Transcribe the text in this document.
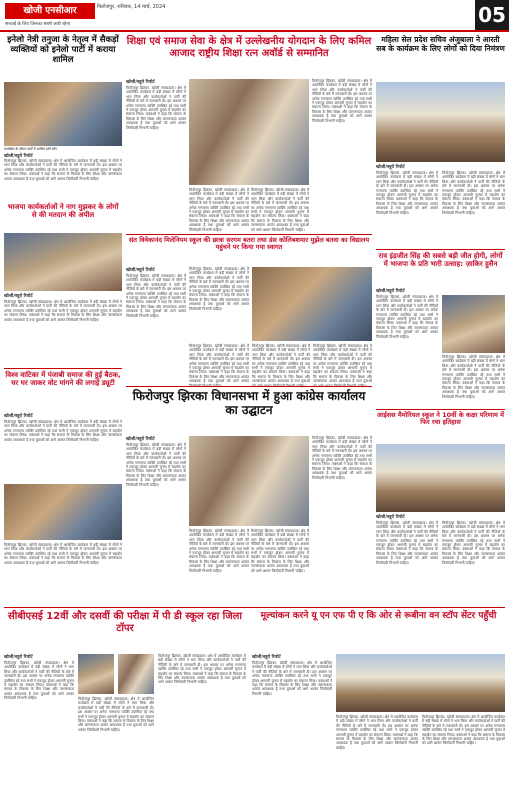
खोजी एनसीआर	फिरोजपुर, शनिवार, 14 मार्च, 2024
सच्चाई के लिए जिनका संघर्ष जारी रहेगा	05
इनेलो नेत्री तनुजा के नेतृत्व में सैकड़ों व्यक्तियों को इनेलो पार्टी में कराया शामिल
कार्यक्रम के दौरान पार्टी में शामिल होते लोग
खोजी/ब्यूरो रिपोर्ट
फिरोजपुर झिरका, खोजी संवाददाता। क्षेत्र में आयोजित कार्यक्रम में बड़ी संख्या में लोगों ने भाग लिया और कार्यकर्ताओं ने पार्टी की नीतियों के बारे में जानकारी दी। इस अवसर पर अनेक गणमान्य व्यक्ति उपस्थित रहे तथा सभी ने एकजुट होकर आगामी चुनाव में सहयोग का संकल्प लिया। वक्ताओं ने कहा कि समाज के विकास के लिए शिक्षा और जागरूकता अत्यंत आवश्यक है तथा युवाओं को आगे आकर जिम्मेदारी निभानी चाहिए।
भाजपा कार्यकर्ताओं ने नाग मुझकर के लोगों से की मतदान की अपील
खोजी/ब्यूरो रिपोर्ट
फिरोजपुर झिरका, खोजी संवाददाता। क्षेत्र में आयोजित कार्यक्रम में बड़ी संख्या में लोगों ने भाग लिया और कार्यकर्ताओं ने पार्टी की नीतियों के बारे में जानकारी दी। इस अवसर पर अनेक गणमान्य व्यक्ति उपस्थित रहे तथा सभी ने एकजुट होकर आगामी चुनाव में सहयोग का संकल्प लिया। वक्ताओं ने कहा कि समाज के विकास के लिए शिक्षा और जागरूकता अत्यंत आवश्यक है तथा युवाओं को आगे आकर जिम्मेदारी निभानी चाहिए।
शिक्षा एवं समाज सेवा के क्षेत्र में उल्लेखनीय योगदान के लिए कमिल आजाद राष्ट्रीय शिक्षा रत्न अवॉर्ड से सम्मानित
खोजी/ब्यूरो रिपोर्ट
फिरोजपुर झिरका, खोजी संवाददाता। क्षेत्र में आयोजित कार्यक्रम में बड़ी संख्या में लोगों ने भाग लिया और कार्यकर्ताओं ने पार्टी की नीतियों के बारे में जानकारी दी। इस अवसर पर अनेक गणमान्य व्यक्ति उपस्थित रहे तथा सभी ने एकजुट होकर आगामी चुनाव में सहयोग का संकल्प लिया। वक्ताओं ने कहा कि समाज के विकास के लिए शिक्षा और जागरूकता अत्यंत आवश्यक है तथा युवाओं को आगे आकर जिम्मेदारी निभानी चाहिए।
फिरोजपुर झिरका, खोजी संवाददाता। क्षेत्र में आयोजित कार्यक्रम में बड़ी संख्या में लोगों ने भाग लिया और कार्यकर्ताओं ने पार्टी की नीतियों के बारे में जानकारी दी। इस अवसर पर अनेक गणमान्य व्यक्ति उपस्थित रहे तथा सभी ने एकजुट होकर आगामी चुनाव में सहयोग का संकल्प लिया। वक्ताओं ने कहा कि समाज के विकास के लिए शिक्षा और जागरूकता अत्यंत आवश्यक है तथा युवाओं को आगे आकर जिम्मेदारी निभानी चाहिए।
फिरोजपुर झिरका, खोजी संवाददाता। क्षेत्र में आयोजित कार्यक्रम में बड़ी संख्या में लोगों ने भाग लिया और कार्यकर्ताओं ने पार्टी की नीतियों के बारे में जानकारी दी। इस अवसर पर अनेक गणमान्य व्यक्ति उपस्थित रहे तथा सभी ने एकजुट होकर आगामी चुनाव में सहयोग का संकल्प लिया। वक्ताओं ने कहा कि समाज के विकास के लिए शिक्षा और जागरूकता अत्यंत आवश्यक है तथा युवाओं को आगे आकर जिम्मेदारी निभानी चाहिए।
फिरोजपुर झिरका, खोजी संवाददाता। क्षेत्र में आयोजित कार्यक्रम में बड़ी संख्या में लोगों ने भाग लिया और कार्यकर्ताओं ने पार्टी की नीतियों के बारे में जानकारी दी। इस अवसर पर अनेक गणमान्य व्यक्ति उपस्थित रहे तथा सभी ने एकजुट होकर आगामी चुनाव में सहयोग का संकल्प लिया। वक्ताओं ने कहा कि समाज के विकास के लिए शिक्षा और जागरूकता अत्यंत आवश्यक है तथा युवाओं को आगे आकर जिम्मेदारी निभानी चाहिए।
महिला सेल प्रदेश सचिव अंजुबाला ने आरती सब के कार्यक्रम के लिए लोगों को दिया निमंत्रण
खोजी/ब्यूरो रिपोर्ट
फिरोजपुर झिरका, खोजी संवाददाता। क्षेत्र में आयोजित कार्यक्रम में बड़ी संख्या में लोगों ने भाग लिया और कार्यकर्ताओं ने पार्टी की नीतियों के बारे में जानकारी दी। इस अवसर पर अनेक गणमान्य व्यक्ति उपस्थित रहे तथा सभी ने एकजुट होकर आगामी चुनाव में सहयोग का संकल्प लिया। वक्ताओं ने कहा कि समाज के विकास के लिए शिक्षा और जागरूकता अत्यंत आवश्यक है तथा युवाओं को आगे आकर जिम्मेदारी निभानी चाहिए।
फिरोजपुर झिरका, खोजी संवाददाता। क्षेत्र में आयोजित कार्यक्रम में बड़ी संख्या में लोगों ने भाग लिया और कार्यकर्ताओं ने पार्टी की नीतियों के बारे में जानकारी दी। इस अवसर पर अनेक गणमान्य व्यक्ति उपस्थित रहे तथा सभी ने एकजुट होकर आगामी चुनाव में सहयोग का संकल्प लिया। वक्ताओं ने कहा कि समाज के विकास के लिए शिक्षा और जागरूकता अत्यंत आवश्यक है तथा युवाओं को आगे आकर जिम्मेदारी निभानी चाहिए।
संत विवेकानंद मिलेनियम स्कूल की छात्रा सरगम बतरा तथा डंस कोलिबशमार मुझेल बतवा का विद्यालय पहुंचने पर किया गया स्वागत
खोजी/ब्यूरो रिपोर्ट
फिरोजपुर झिरका, खोजी संवाददाता। क्षेत्र में आयोजित कार्यक्रम में बड़ी संख्या में लोगों ने भाग लिया और कार्यकर्ताओं ने पार्टी की नीतियों के बारे में जानकारी दी। इस अवसर पर अनेक गणमान्य व्यक्ति उपस्थित रहे तथा सभी ने एकजुट होकर आगामी चुनाव में सहयोग का संकल्प लिया। वक्ताओं ने कहा कि समाज के विकास के लिए शिक्षा और जागरूकता अत्यंत आवश्यक है तथा युवाओं को आगे आकर जिम्मेदारी निभानी चाहिए।
फिरोजपुर झिरका, खोजी संवाददाता। क्षेत्र में आयोजित कार्यक्रम में बड़ी संख्या में लोगों ने भाग लिया और कार्यकर्ताओं ने पार्टी की नीतियों के बारे में जानकारी दी। इस अवसर पर अनेक गणमान्य व्यक्ति उपस्थित रहे तथा सभी ने एकजुट होकर आगामी चुनाव में सहयोग का संकल्प लिया। वक्ताओं ने कहा कि समाज के विकास के लिए शिक्षा और जागरूकता अत्यंत आवश्यक है तथा युवाओं को आगे आकर जिम्मेदारी निभानी चाहिए।
फिरोजपुर झिरका, खोजी संवाददाता। क्षेत्र में आयोजित कार्यक्रम में बड़ी संख्या में लोगों ने भाग लिया और कार्यकर्ताओं ने पार्टी की नीतियों के बारे में जानकारी दी। इस अवसर पर अनेक गणमान्य व्यक्ति उपस्थित रहे तथा सभी ने एकजुट होकर आगामी चुनाव में सहयोग का संकल्प लिया। वक्ताओं ने कहा कि समाज के विकास के लिए शिक्षा और जागरूकता अत्यंत आवश्यक है तथा युवाओं को आगे आकर
फिरोजपुर झिरका, खोजी संवाददाता। क्षेत्र में आयोजित कार्यक्रम में बड़ी संख्या में लोगों ने भाग लिया और कार्यकर्ताओं ने पार्टी की नीतियों के बारे में जानकारी दी। इस अवसर पर अनेक गणमान्य व्यक्ति उपस्थित रहे तथा सभी ने एकजुट होकर आगामी चुनाव में सहयोग का संकल्प लिया। वक्ताओं ने कहा कि समाज के विकास के लिए शिक्षा और जागरूकता अत्यंत आवश्यक है तथा युवाओं
फिरोजपुर झिरका, खोजी संवाददाता। क्षेत्र में आयोजित कार्यक्रम में बड़ी संख्या में लोगों ने भाग लिया और कार्यकर्ताओं ने पार्टी की नीतियों के बारे में जानकारी दी। इस अवसर पर अनेक गणमान्य व्यक्ति उपस्थित रहे तथा सभी ने एकजुट होकर आगामी चुनाव में सहयोग का संकल्प लिया। वक्ताओं ने कहा कि समाज के विकास के लिए शिक्षा और जागरूकता अत्यंत आवश्यक है तथा युवाओं
राव इंद्रजीत सिंह की सबसे बड़ी जीत होगी, लोगों में भाजपा के प्रति भारी उत्साह: ज़ाकिर हुसैन
खोजी/ब्यूरो रिपोर्ट
फिरोजपुर झिरका, खोजी संवाददाता। क्षेत्र में आयोजित कार्यक्रम में बड़ी संख्या में लोगों ने भाग लिया और कार्यकर्ताओं ने पार्टी की नीतियों के बारे में जानकारी दी। इस अवसर पर अनेक गणमान्य व्यक्ति उपस्थित रहे तथा सभी ने एकजुट होकर आगामी चुनाव में सहयोग का संकल्प लिया। वक्ताओं ने कहा कि समाज के विकास के लिए शिक्षा और जागरूकता अत्यंत आवश्यक है तथा युवाओं को आगे आकर जिम्मेदारी निभानी चाहिए।
फिरोजपुर झिरका, खोजी संवाददाता। क्षेत्र में आयोजित कार्यक्रम में बड़ी संख्या में लोगों ने भाग लिया और कार्यकर्ताओं ने पार्टी की नीतियों के बारे में जानकारी दी। इस अवसर पर अनेक गणमान्य व्यक्ति उपस्थित रहे तथा सभी ने एकजुट होकर आगामी चुनाव में सहयोग का संकल्प लिया। वक्ताओं ने कहा कि समाज के विकास के लिए शिक्षा और जागरूकता अत्यंत आवश्यक है तथा युवाओं को आगे आकर जिम्मेदारी निभानी चाहिए।
विश्व वाटिका में पंजाबी समाज की हुई बैठक, घर घर जाकर वोट मांगने की लगाई ड्यूटी
खोजी/ब्यूरो रिपोर्ट
फिरोजपुर झिरका, खोजी संवाददाता। क्षेत्र में आयोजित कार्यक्रम में बड़ी संख्या में लोगों ने भाग लिया और कार्यकर्ताओं ने पार्टी की नीतियों के बारे में जानकारी दी। इस अवसर पर अनेक गणमान्य व्यक्ति उपस्थित रहे तथा सभी ने एकजुट होकर आगामी चुनाव में सहयोग का संकल्प लिया। वक्ताओं ने कहा कि समाज के विकास के लिए शिक्षा और जागरूकता अत्यंत आवश्यक है तथा युवाओं को आगे आकर जिम्मेदारी निभानी चाहिए।
फिरोजपुर झिरका विधानसभा में हुआ कांग्रेस कार्यालय का उद्घाटन
खोजी/ब्यूरो रिपोर्ट
फिरोजपुर झिरका, खोजी संवाददाता। क्षेत्र में आयोजित कार्यक्रम में बड़ी संख्या में लोगों ने भाग लिया और कार्यकर्ताओं ने पार्टी की नीतियों के बारे में जानकारी दी। इस अवसर पर अनेक गणमान्य व्यक्ति उपस्थित रहे तथा सभी ने एकजुट होकर आगामी चुनाव में सहयोग का संकल्प लिया। वक्ताओं ने कहा कि समाज के विकास के लिए शिक्षा और जागरूकता अत्यंत आवश्यक है तथा युवाओं को आगे आकर जिम्मेदारी निभानी चाहिए।
फिरोजपुर झिरका, खोजी संवाददाता। क्षेत्र में आयोजित कार्यक्रम में बड़ी संख्या में लोगों ने भाग लिया और कार्यकर्ताओं ने पार्टी की नीतियों के बारे में जानकारी दी। इस अवसर पर अनेक गणमान्य व्यक्ति उपस्थित रहे तथा सभी ने एकजुट होकर आगामी चुनाव में सहयोग का संकल्प लिया। वक्ताओं ने कहा कि समाज के विकास के लिए शिक्षा और जागरूकता अत्यंत आवश्यक है तथा युवाओं को आगे आकर जिम्मेदारी निभानी चाहिए।
फिरोजपुर झिरका, खोजी संवाददाता। क्षेत्र में आयोजित कार्यक्रम में बड़ी संख्या में लोगों ने भाग लिया और कार्यकर्ताओं ने पार्टी की नीतियों के बारे में जानकारी दी। इस अवसर पर अनेक गणमान्य व्यक्ति उपस्थित रहे तथा सभी ने एकजुट होकर आगामी चुनाव में सहयोग का संकल्प लिया। वक्ताओं ने कहा कि समाज के विकास के लिए शिक्षा और जागरूकता अत्यंत आवश्यक है तथा युवाओं को आगे आकर जिम्मेदारी निभानी चाहिए।
फिरोजपुर झिरका, खोजी संवाददाता। क्षेत्र में आयोजित कार्यक्रम में बड़ी संख्या में लोगों ने भाग लिया और कार्यकर्ताओं ने पार्टी की नीतियों के बारे में जानकारी दी। इस अवसर पर अनेक गणमान्य व्यक्ति उपस्थित रहे तथा सभी ने एकजुट होकर आगामी चुनाव में सहयोग का संकल्प लिया। वक्ताओं ने कहा कि समाज के विकास के लिए शिक्षा और जागरूकता अत्यंत आवश्यक है तथा युवाओं को आगे आकर जिम्मेदारी निभानी चाहिए।
आईसस मैमोरियल स्कूल ने 10वीं के कक्षा परिणाम में फिर रचा इतिहास
खोजी/ब्यूरो रिपोर्ट
फिरोजपुर झिरका, खोजी संवाददाता। क्षेत्र में आयोजित कार्यक्रम में बड़ी संख्या में लोगों ने भाग लिया और कार्यकर्ताओं ने पार्टी की नीतियों के बारे में जानकारी दी। इस अवसर पर अनेक गणमान्य व्यक्ति उपस्थित रहे तथा सभी ने एकजुट होकर आगामी चुनाव में सहयोग का संकल्प लिया। वक्ताओं ने कहा कि समाज के विकास के लिए शिक्षा और जागरूकता अत्यंत आवश्यक है तथा युवाओं को आगे आकर जिम्मेदारी निभानी चाहिए।
फिरोजपुर झिरका, खोजी संवाददाता। क्षेत्र में आयोजित कार्यक्रम में बड़ी संख्या में लोगों ने भाग लिया और कार्यकर्ताओं ने पार्टी की नीतियों के बारे में जानकारी दी। इस अवसर पर अनेक गणमान्य व्यक्ति उपस्थित रहे तथा सभी ने एकजुट होकर आगामी चुनाव में सहयोग का संकल्प लिया। वक्ताओं ने कहा कि समाज के विकास के लिए शिक्षा और जागरूकता अत्यंत आवश्यक है तथा युवाओं को आगे आकर जिम्मेदारी निभानी चाहिए।
फिरोजपुर झिरका, खोजी संवाददाता। क्षेत्र में आयोजित कार्यक्रम में बड़ी संख्या में लोगों ने भाग लिया और कार्यकर्ताओं ने पार्टी की नीतियों के बारे में जानकारी दी। इस अवसर पर अनेक गणमान्य व्यक्ति उपस्थित रहे तथा सभी ने एकजुट होकर आगामी चुनाव में सहयोग का संकल्प लिया। वक्ताओं ने कहा कि समाज के विकास के लिए शिक्षा और जागरूकता अत्यंत आवश्यक है तथा युवाओं को आगे आकर जिम्मेदारी निभानी चाहिए।
सीबीएसई 12वीं और दसवीं की परीक्षा में पी डी स्कूल रहा जिला टॉपर
खोजी/ब्यूरो रिपोर्ट
फिरोजपुर झिरका, खोजी संवाददाता। क्षेत्र में आयोजित कार्यक्रम में बड़ी संख्या में लोगों ने भाग लिया और कार्यकर्ताओं ने पार्टी की नीतियों के बारे में जानकारी दी। इस अवसर पर अनेक गणमान्य व्यक्ति उपस्थित रहे तथा सभी ने एकजुट होकर आगामी चुनाव में सहयोग का संकल्प लिया। वक्ताओं ने कहा कि समाज के विकास के लिए शिक्षा और जागरूकता अत्यंत आवश्यक है तथा युवाओं को आगे आकर जिम्मेदारी निभानी चाहिए।	फिरोजपुर झिरका, खोजी संवाददाता। क्षेत्र में आयोजित कार्यक्रम में बड़ी संख्या में लोगों ने भाग लिया और कार्यकर्ताओं ने पार्टी की नीतियों के बारे में जानकारी दी। इस अवसर पर अनेक गणमान्य व्यक्ति उपस्थित रहे तथा सभी ने एकजुट होकर आगामी चुनाव में सहयोग का संकल्प लिया। वक्ताओं ने कहा कि समाज के विकास के लिए शिक्षा और जागरूकता अत्यंत आवश्यक है तथा युवाओं को आगे आकर जिम्मेदारी निभानी चाहिए।
फिरोजपुर झिरका, खोजी संवाददाता। क्षेत्र में आयोजित कार्यक्रम में बड़ी संख्या में लोगों ने भाग लिया और कार्यकर्ताओं ने पार्टी की नीतियों के बारे में जानकारी दी। इस अवसर पर अनेक गणमान्य व्यक्ति उपस्थित रहे तथा सभी ने एकजुट होकर आगामी चुनाव में सहयोग का संकल्प लिया। वक्ताओं ने कहा कि समाज के विकास के लिए शिक्षा और जागरूकता अत्यंत आवश्यक है तथा युवाओं को आगे आकर जिम्मेदारी निभानी चाहिए।
मूल्यांकन करने यू एन एफ पी ए कि ओर से रूबीना वन स्टॉप सेंटर पहुँची
खोजी/ब्यूरो रिपोर्ट
फिरोजपुर झिरका, खोजी संवाददाता। क्षेत्र में आयोजित कार्यक्रम में बड़ी संख्या में लोगों ने भाग लिया और कार्यकर्ताओं ने पार्टी की नीतियों के बारे में जानकारी दी। इस अवसर पर अनेक गणमान्य व्यक्ति उपस्थित रहे तथा सभी ने एकजुट होकर आगामी चुनाव में सहयोग का संकल्प लिया। वक्ताओं ने कहा कि समाज के विकास के लिए शिक्षा और जागरूकता अत्यंत आवश्यक है तथा युवाओं को आगे आकर जिम्मेदारी निभानी चाहिए।
फिरोजपुर झिरका, खोजी संवाददाता। क्षेत्र में आयोजित कार्यक्रम में बड़ी संख्या में लोगों ने भाग लिया और कार्यकर्ताओं ने पार्टी की नीतियों के बारे में जानकारी दी। इस अवसर पर अनेक गणमान्य व्यक्ति उपस्थित रहे तथा सभी ने एकजुट होकर आगामी चुनाव में सहयोग का संकल्प लिया। वक्ताओं ने कहा कि समाज के विकास के लिए शिक्षा और जागरूकता अत्यंत आवश्यक है तथा युवाओं को आगे आकर जिम्मेदारी निभानी चाहिए।
फिरोजपुर झिरका, खोजी संवाददाता। क्षेत्र में आयोजित कार्यक्रम में बड़ी संख्या में लोगों ने भाग लिया और कार्यकर्ताओं ने पार्टी की नीतियों के बारे में जानकारी दी। इस अवसर पर अनेक गणमान्य व्यक्ति उपस्थित रहे तथा सभी ने एकजुट होकर आगामी चुनाव में सहयोग का संकल्प लिया। वक्ताओं ने कहा कि समाज के विकास के लिए शिक्षा और जागरूकता अत्यंत आवश्यक है तथा युवाओं को आगे आकर जिम्मेदारी निभानी चाहिए।
